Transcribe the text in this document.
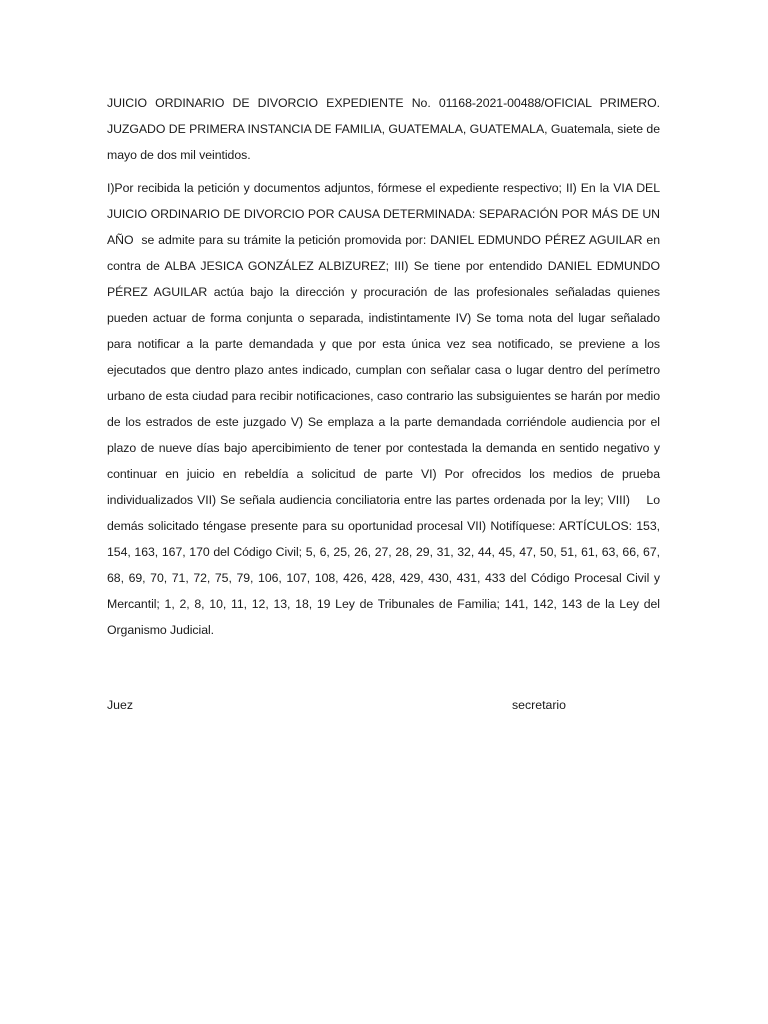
JUICIO ORDINARIO DE DIVORCIO EXPEDIENTE No. 01168-2021-00488/OFICIAL PRIMERO. JUZGADO DE PRIMERA INSTANCIA DE FAMILIA, GUATEMALA, GUATEMALA, Guatemala, siete de mayo de dos mil veintidos.

I)Por recibida la petición y documentos adjuntos, fórmese el expediente respectivo; II) En la VIA DEL JUICIO ORDINARIO DE DIVORCIO POR CAUSA DETERMINADA: SEPARACIÓN POR MÁS DE UN AÑO  se admite para su trámite la petición promovida por: DANIEL EDMUNDO PÉREZ AGUILAR en contra de ALBA JESICA GONZÁLEZ ALBIZUREZ; III) Se tiene por entendido DANIEL EDMUNDO PÉREZ AGUILAR actúa bajo la dirección y procuración de las profesionales señaladas quienes pueden actuar de forma conjunta o separada, indistintamente IV) Se toma nota del lugar señalado para notificar a la parte demandada y que por esta única vez sea notificado, se previene a los ejecutados que dentro plazo antes indicado, cumplan con señalar casa o lugar dentro del perímetro urbano de esta ciudad para recibir notificaciones, caso contrario las subsiguientes se harán por medio de los estrados de este juzgado V) Se emplaza a la parte demandada corriéndole audiencia por el plazo de nueve días bajo apercibimiento de tener por contestada la demanda en sentido negativo y continuar en juicio en rebeldía a solicitud de parte VI) Por ofrecidos los medios de prueba individualizados VII) Se señala audiencia conciliatoria entre las partes ordenada por la ley; VIII)    Lo demás solicitado téngase presente para su oportunidad procesal VII) Notifíquese: ARTÍCULOS: 153, 154, 163, 167, 170 del Código Civil; 5, 6, 25, 26, 27, 28, 29, 31, 32, 44, 45, 47, 50, 51, 61, 63, 66, 67, 68, 69, 70, 71, 72, 75, 79, 106, 107, 108, 426, 428, 429, 430, 431, 433 del Código Procesal Civil y Mercantil; 1, 2, 8, 10, 11, 12, 13, 18, 19 Ley de Tribunales de Familia; 141, 142, 143 de la Ley del Organismo Judicial.

Juez	secretario
